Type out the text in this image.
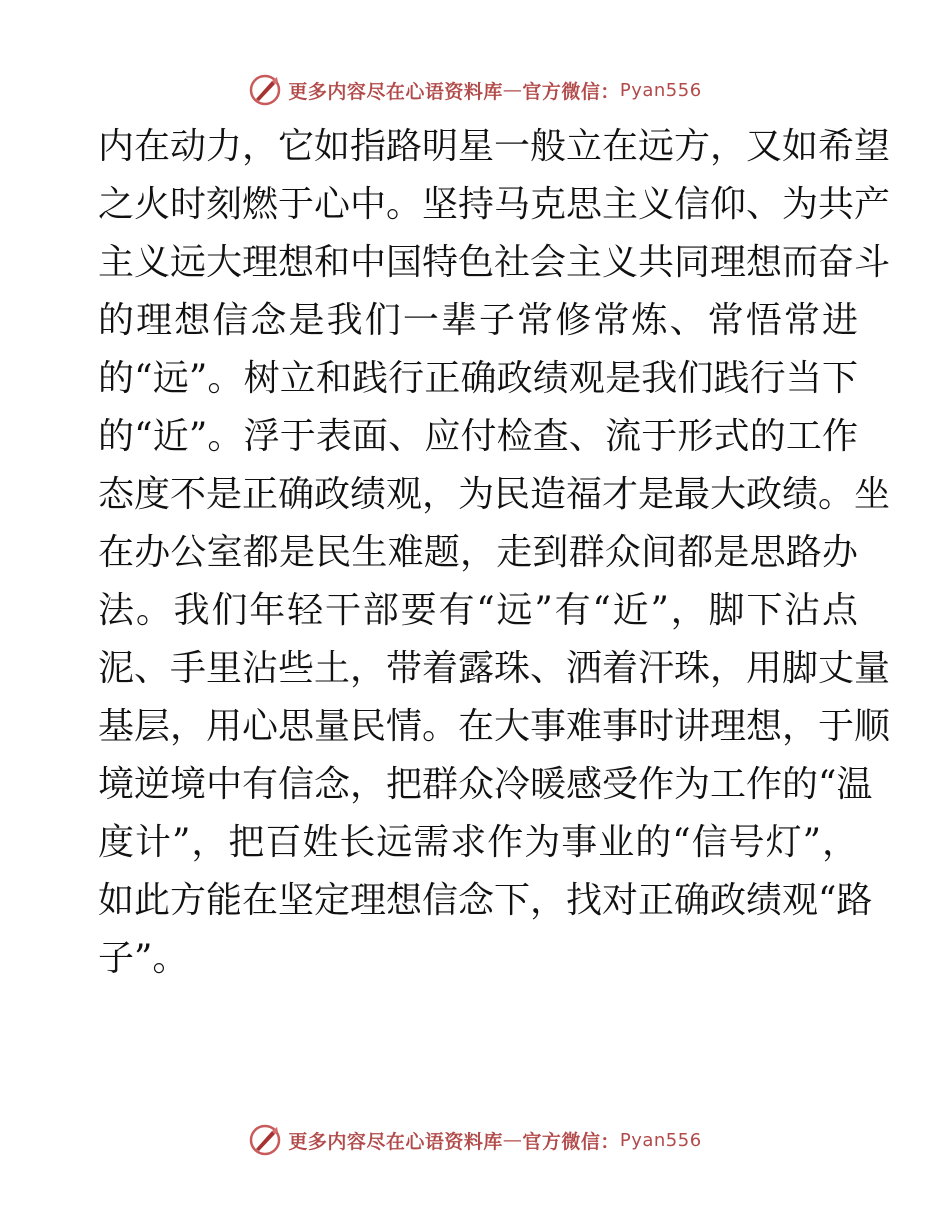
更多内容尽在心语资料库 — 官方微信： Pyan556
内在动力，它如指路明星一般立在远方，又如希望
之火时刻燃于心中。坚持马克思主义信仰、为共产
主义远大理想和中国特色社会主义共同理想而奋斗
的理想信念是我们一辈子常修常炼、常悟常进
的“远”。树立和践行正确政绩观是我们践行当下
的“近”。浮于表面、应付检查、流于形式的工作
态度不是正确政绩观，为民造福才是最大政绩。坐
在办公室都是民生难题，走到群众间都是思路办
法。我们年轻干部要有“远”有“近”，脚下沾点
泥、手里沾些土，带着露珠、洒着汗珠，用脚丈量
基层，用心思量民情。在大事难事时讲理想，于顺
境逆境中有信念，把群众冷暖感受作为工作的“温
度计”，把百姓长远需求作为事业的“信号灯”，
如此方能在坚定理想信念下，找对正确政绩观“路
子”。
更多内容尽在心语资料库 — 官方微信： Pyan556
